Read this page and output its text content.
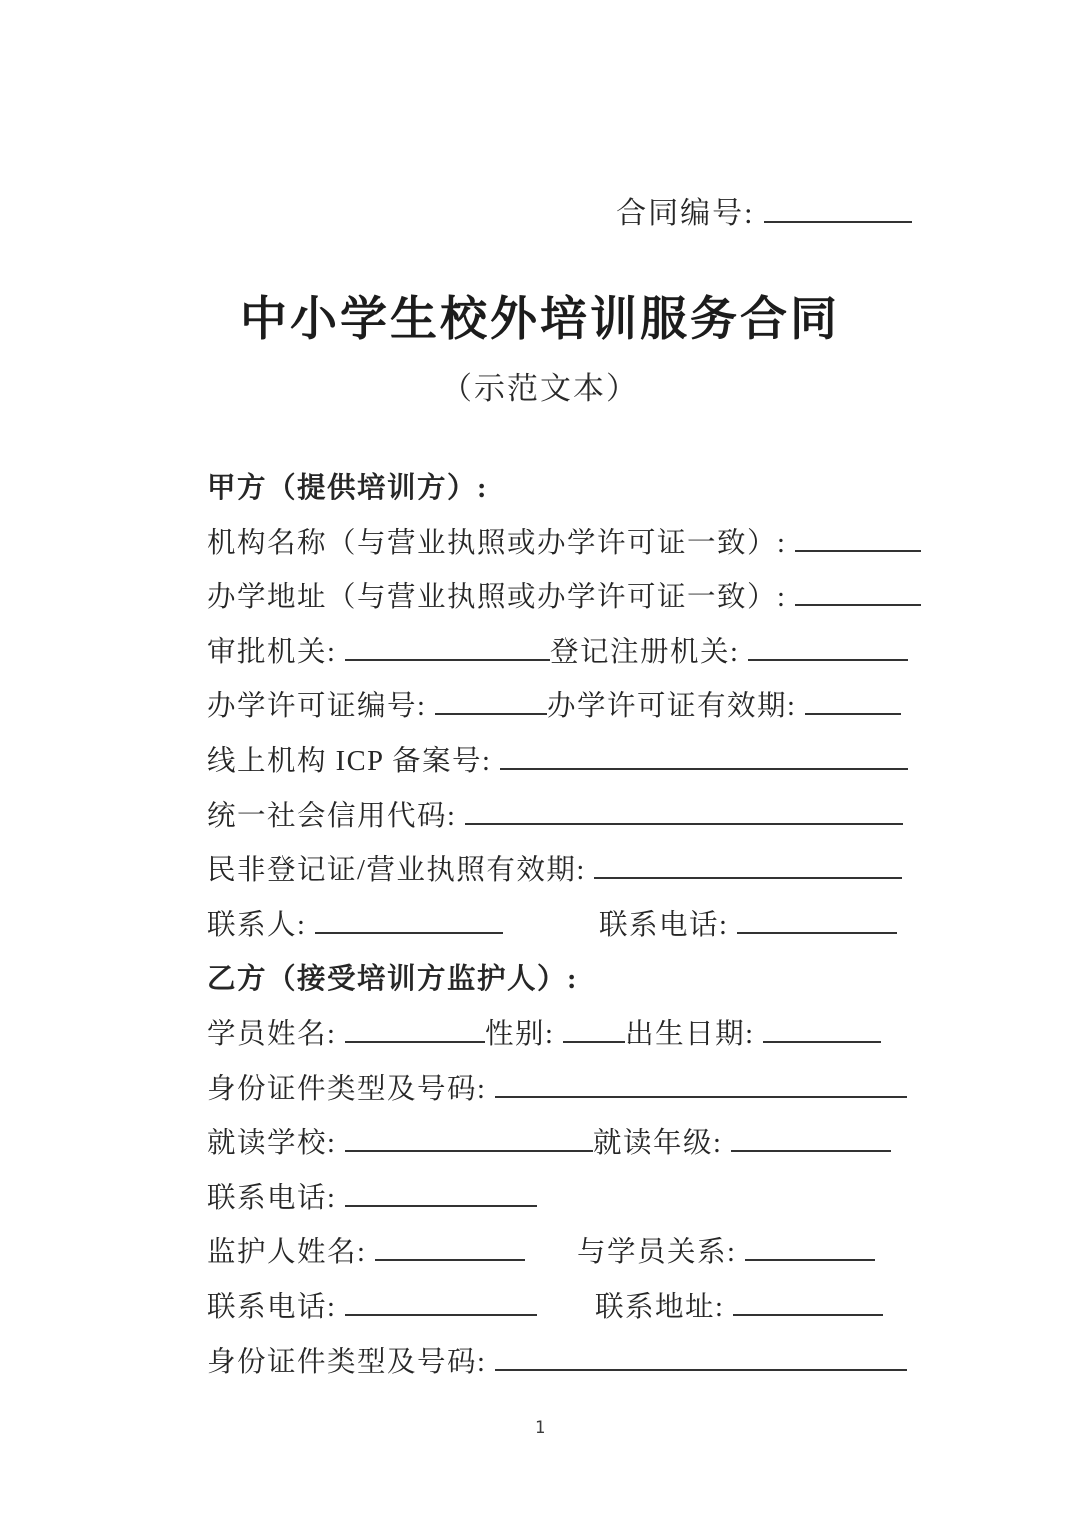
合同编号:
中小学生校外培训服务合同
（示范文本）
甲方（提供培训方）:
机构名称（与营业执照或办学许可证一致）:
办学地址（与营业执照或办学许可证一致）:
审批机关:	登记注册机关:
办学许可证编号:	办学许可证有效期:
线上机构 ICP 备案号:
统一社会信用代码:
民非登记证/营业执照有效期:
联系人:	联系电话:
乙方（接受培训方监护人）:
学员姓名:	性别: 出生日期:
身份证件类型及号码:
就读学校:	就读年级:
联系电话:
监护人姓名:	与学员关系:
联系电话:	联系地址:
身份证件类型及号码:
1
